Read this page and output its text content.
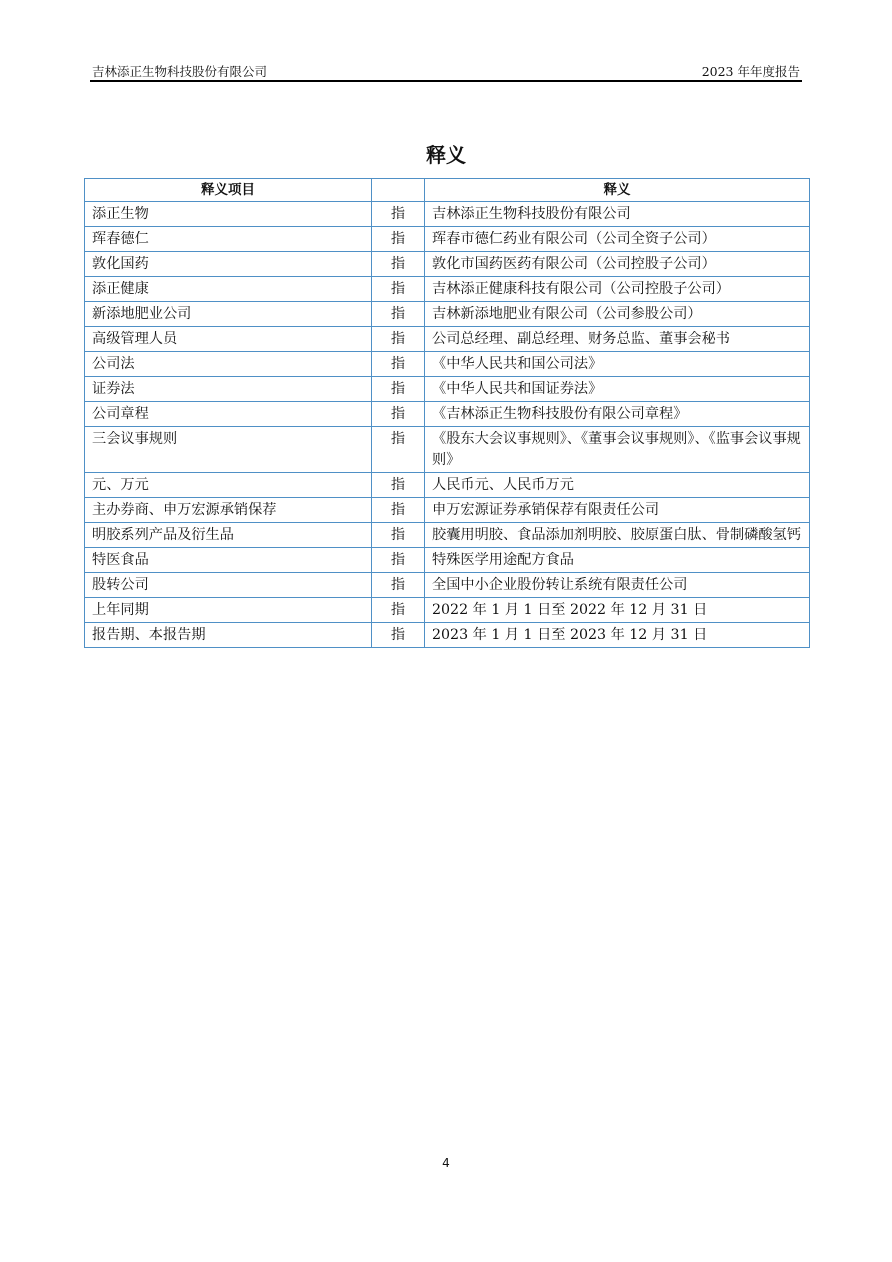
吉林添正生物科技股份有限公司	2023 年年度报告
释义
释义项目		释义
添正生物	指	吉林添正生物科技股份有限公司
珲春德仁	指	珲春市德仁药业有限公司（公司全资子公司）
敦化国药	指	敦化市国药医药有限公司（公司控股子公司）
添正健康	指	吉林添正健康科技有限公司（公司控股子公司）
新添地肥业公司	指	吉林新添地肥业有限公司（公司参股公司）
高级管理人员	指	公司总经理、副总经理、财务总监、董事会秘书
公司法	指	《中华人民共和国公司法》
证券法	指	《中华人民共和国证券法》
公司章程	指	《吉林添正生物科技股份有限公司章程》
三会议事规则	指	《股东大会议事规则》、《董事会议事规则》、《监事会议事规则》
元、万元	指	人民币元、人民币万元
主办券商、申万宏源承销保荐	指	申万宏源证券承销保荐有限责任公司
明胶系列产品及衍生品	指	胶囊用明胶、食品添加剂明胶、胶原蛋白肽、骨制磷酸氢钙
特医食品	指	特殊医学用途配方食品
股转公司	指	全国中小企业股份转让系统有限责任公司
上年同期	指	2022 年 1 月 1 日至 2022 年 12 月 31 日
报告期、本报告期	指	2023 年 1 月 1 日至 2023 年 12 月 31 日
4
